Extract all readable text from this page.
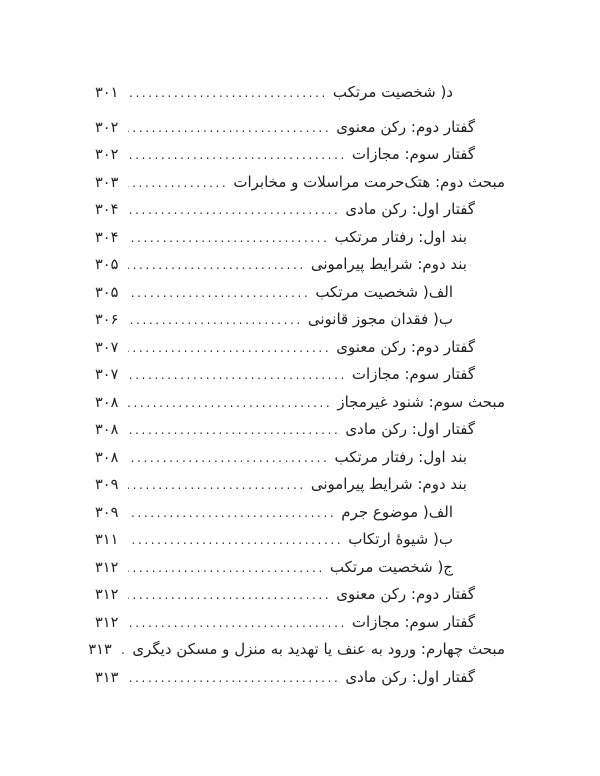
د( شخصیت مرتکب
.....
۳۰۱
گفتار دوم: رکن معنوی
.....
۳۰۲
گفتار سوم: مجازات
.....
۳۰۲
مبحث دوم: هتک‌حرمت مراسلات و مخابرات
.....
۳۰۳
گفتار اول: رکن مادی
.....
۳۰۴
بند اول: رفتار مرتکب
.....
۳۰۴
بند دوم: شرایط پیرامونی
.....
۳۰۵
الف( شخصیت مرتکب
.....
۳۰۵
ب( فقدان مجوز قانونی
.....
۳۰۶
گفتار دوم: رکن معنوی
.....
۳۰۷
گفتار سوم: مجازات
.....
۳۰۷
مبحث سوم: شنود غیرمجاز
.....
۳۰۸
گفتار اول: رکن مادی
.....
۳۰۸
بند اول: رفتار مرتکب
.....
۳۰۸
بند دوم: شرایط پیرامونی
.....
۳۰۹
الف( موضوع جرم
.....
۳۰۹
ب( شیوۀ ارتکاب
.....
۳۱۱
ج( شخصیت مرتکب
.....
۳۱۲
گفتار دوم: رکن معنوی
.....
۳۱۲
گفتار سوم: مجازات
.....
۳۱۲
مبحث چهارم: ورود به عنف یا تهدید به منزل و مسکن دیگری
.....
۳۱۳
گفتار اول: رکن مادی
.....
۳۱۳
